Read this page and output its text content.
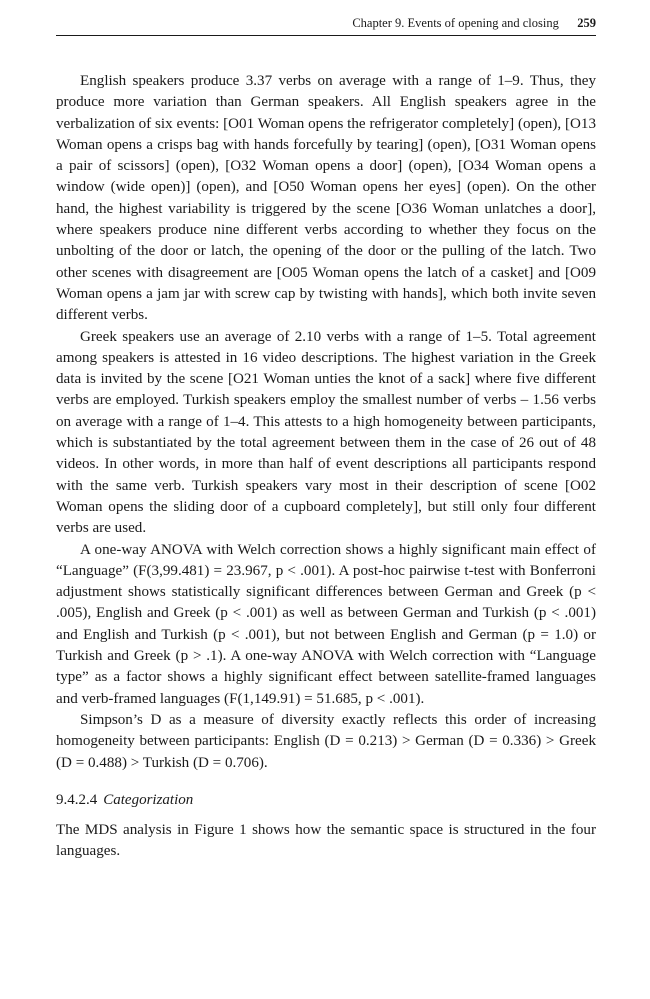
Chapter 9. Events of opening and closing 259

English speakers produce 3.37 verbs on average with a range of 1–9. Thus, they produce more variation than German speakers. All English speakers agree in the verbalization of six events: [O01 Woman opens the refrigerator completely] (open), [O13 Woman opens a crisps bag with hands forcefully by tearing] (open), [O31 Woman opens a pair of scissors] (open), [O32 Woman opens a door] (open), [O34 Woman opens a window (wide open)] (open), and [O50 Woman opens her eyes] (open). On the other hand, the highest variability is triggered by the scene [O36 Woman unlatches a door], where speakers produce nine different verbs according to whether they focus on the unbolting of the door or latch, the opening of the door or the pulling of the latch. Two other scenes with disagreement are [O05 Woman opens the latch of a casket] and [O09 Woman opens a jam jar with screw cap by twisting with hands], which both invite seven different verbs.

Greek speakers use an average of 2.10 verbs with a range of 1–5. Total agreement among speakers is attested in 16 video descriptions. The highest variation in the Greek data is invited by the scene [O21 Woman unties the knot of a sack] where five different verbs are employed. Turkish speakers employ the smallest number of verbs – 1.56 verbs on average with a range of 1–4. This attests to a high homogeneity between participants, which is substantiated by the total agreement between them in the case of 26 out of 48 videos. In other words, in more than half of event descriptions all participants respond with the same verb. Turkish speakers vary most in their description of scene [O02 Woman opens the sliding door of a cupboard completely], but still only four different verbs are used.

A one-way ANOVA with Welch correction shows a highly significant main effect of “Language” (F(3,99.481) = 23.967, p < .001). A post-hoc pairwise t-test with Bonferroni adjustment shows statistically significant differences between German and Greek (p < .005), English and Greek (p < .001) as well as between German and Turkish (p < .001) and English and Turkish (p < .001), but not between English and German (p = 1.0) or Turkish and Greek (p > .1). A one-way ANOVA with Welch correction with “Language type” as a factor shows a highly significant effect between satellite-framed languages and verb-framed languages (F(1,149.91) = 51.685, p < .001).

Simpson’s D as a measure of diversity exactly reflects this order of increasing homogeneity between participants: English (D = 0.213) > German (D = 0.336) > Greek (D = 0.488) > Turkish (D = 0.706).

9.4.2.4 Categorization

The MDS analysis in Figure 1 shows how the semantic space is structured in the four languages.
